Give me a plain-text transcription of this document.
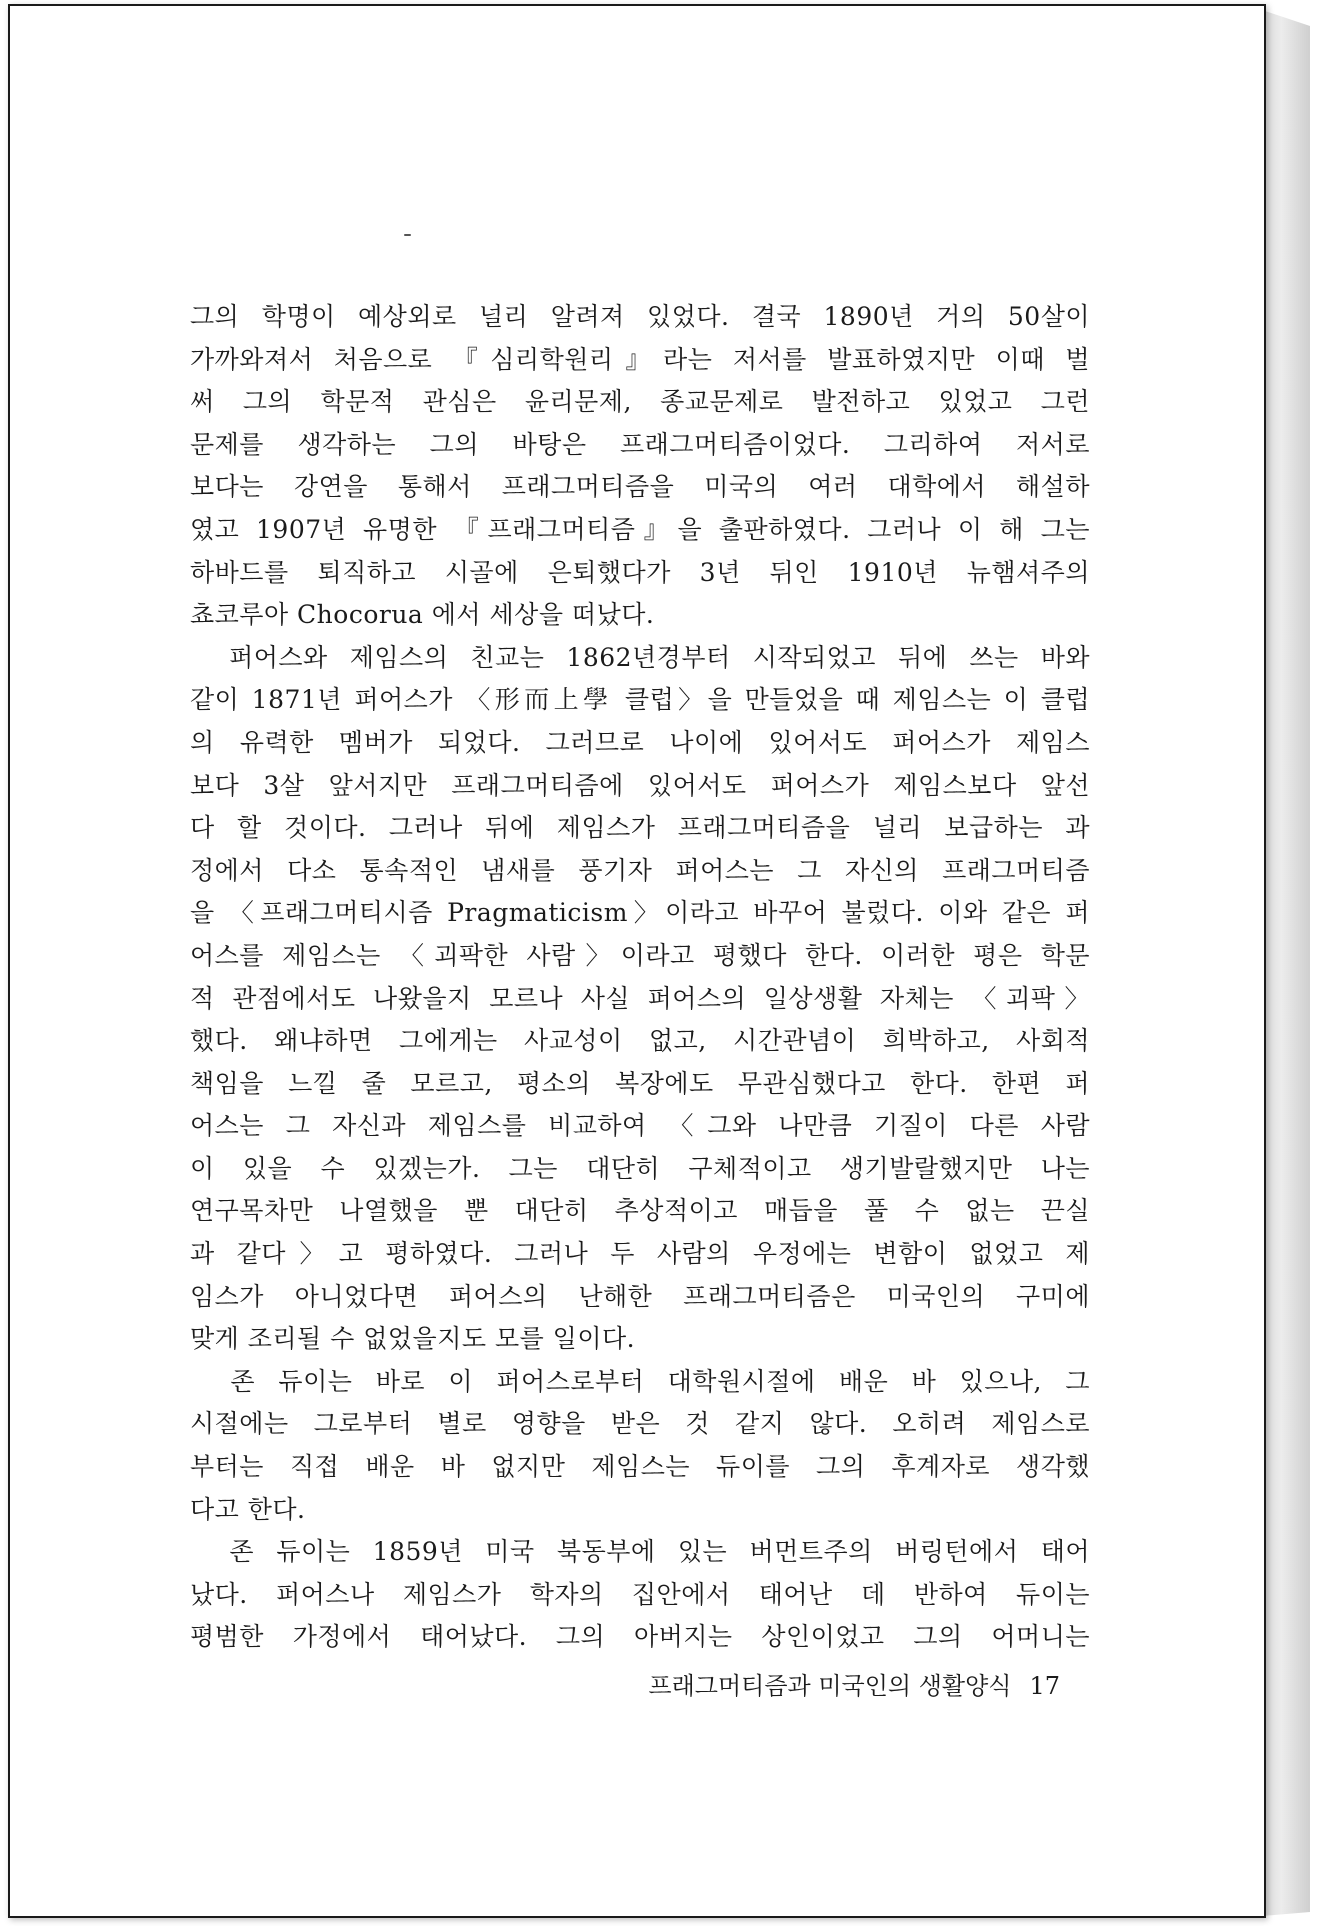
그의 학명이 예상외로 널리 알려져 있었다. 결국 1890년 거의 50살이
가까와져서 처음으로 『심리학원리』라는 저서를 발표하였지만 이때 벌
써 그의 학문적 관심은 윤리문제, 종교문제로 발전하고 있었고 그런
문제를 생각하는 그의 바탕은 프래그머티즘이었다. 그리하여 저서로
보다는 강연을 통해서 프래그머티즘을 미국의 여러 대학에서 해설하
였고 1907년 유명한 『프래그머티즘』을 출판하였다. 그러나 이 해 그는
하바드를 퇴직하고 시골에 은퇴했다가 3년 뒤인 1910년 뉴햄셔주의
쵸코루아 Chocorua 에서 세상을 떠났다.
　퍼어스와 제임스의 친교는 1862년경부터 시작되었고 뒤에 쓰는 바와
같이 1871년 퍼어스가 〈形而上學 클럽〉을 만들었을 때 제임스는 이 클럽
의 유력한 멤버가 되었다. 그러므로 나이에 있어서도 퍼어스가 제임스
보다 3살 앞서지만 프래그머티즘에 있어서도 퍼어스가 제임스보다 앞선
다 할 것이다. 그러나 뒤에 제임스가 프래그머티즘을 널리 보급하는 과
정에서 다소 통속적인 냄새를 풍기자 퍼어스는 그 자신의 프래그머티즘
을 〈프래그머티시즘 Pragmaticism〉이라고 바꾸어 불렀다. 이와 같은 퍼
어스를 제임스는 〈괴팍한 사람〉이라고 평했다 한다. 이러한 평은 학문
적 관점에서도 나왔을지 모르나 사실 퍼어스의 일상생활 자체는 〈괴팍〉
했다. 왜냐하면 그에게는 사교성이 없고, 시간관념이 희박하고, 사회적
책임을 느낄 줄 모르고, 평소의 복장에도 무관심했다고 한다. 한편 퍼
어스는 그 자신과 제임스를 비교하여 〈그와 나만큼 기질이 다른 사람
이 있을 수 있겠는가. 그는 대단히 구체적이고 생기발랄했지만 나는
연구목차만 나열했을 뿐 대단히 추상적이고 매듭을 풀 수 없는 끈실
과 같다〉고 평하였다. 그러나 두 사람의 우정에는 변함이 없었고 제
임스가 아니었다면 퍼어스의 난해한 프래그머티즘은 미국인의 구미에
맞게 조리될 수 없었을지도 모를 일이다.
　존 듀이는 바로 이 퍼어스로부터 대학원시절에 배운 바 있으나, 그
시절에는 그로부터 별로 영향을 받은 것 같지 않다. 오히려 제임스로
부터는 직접 배운 바 없지만 제임스는 듀이를 그의 후계자로 생각했
다고 한다.
　존 듀이는 1859년 미국 북동부에 있는 버먼트주의 버링턴에서 태어
났다. 퍼어스나 제임스가 학자의 집안에서 태어난 데 반하여 듀이는
평범한 가정에서 태어났다. 그의 아버지는 상인이었고 그의 어머니는
프래그머티즘과 미국인의 생활양식 17
